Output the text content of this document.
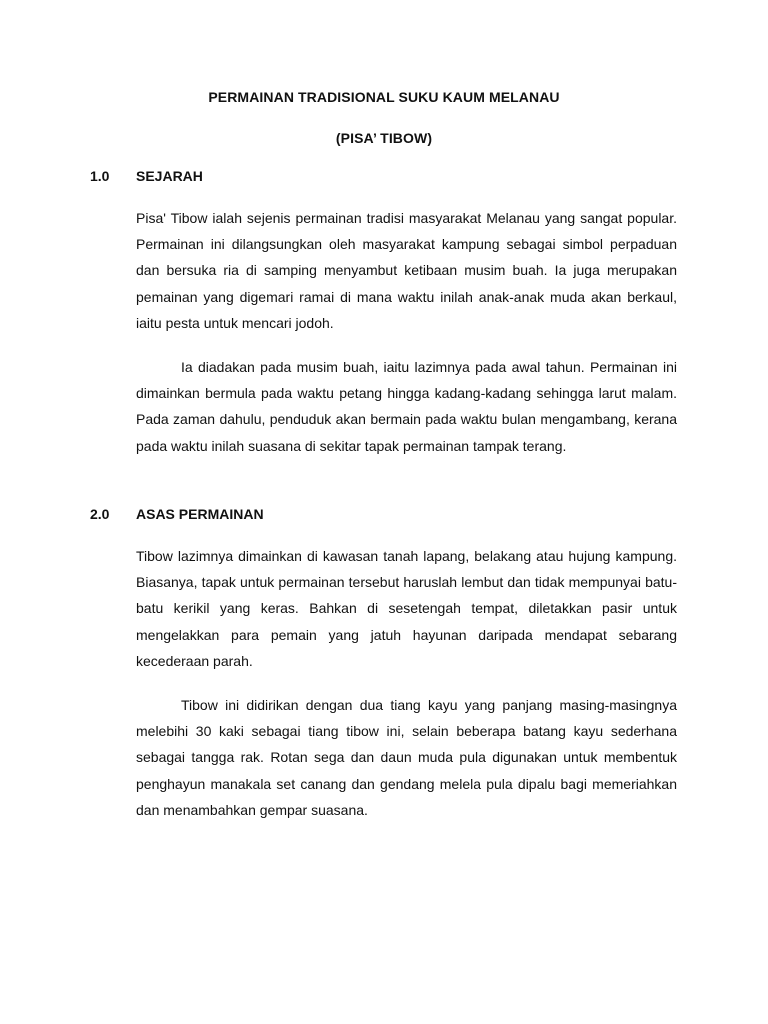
PERMAINAN TRADISIONAL SUKU KAUM MELANAU
(PISA’ TIBOW)
1.0 SEJARAH

Pisa' Tibow ialah sejenis permainan tradisi masyarakat Melanau yang sangat popular. Permainan ini dilangsungkan oleh masyarakat kampung sebagai simbol perpaduan dan bersuka ria di samping menyambut ketibaan musim buah. Ia juga merupakan pemainan yang digemari ramai di mana waktu inilah anak-anak muda akan berkaul, iaitu pesta untuk mencari jodoh.

Ia diadakan pada musim buah, iaitu lazimnya pada awal tahun. Permainan ini dimainkan bermula pada waktu petang hingga kadang-kadang sehingga larut malam. Pada zaman dahulu, penduduk akan bermain pada waktu bulan mengambang, kerana pada waktu inilah suasana di sekitar tapak permainan tampak terang.

2.0 ASAS PERMAINAN

Tibow lazimnya dimainkan di kawasan tanah lapang, belakang atau hujung kampung. Biasanya, tapak untuk permainan tersebut haruslah lembut dan tidak mempunyai batu-batu kerikil yang keras. Bahkan di sesetengah tempat, diletakkan pasir untuk mengelakkan para pemain yang jatuh hayunan daripada mendapat sebarang kecederaan parah.

Tibow ini didirikan dengan dua tiang kayu yang panjang masing-masingnya melebihi 30 kaki sebagai tiang tibow ini, selain beberapa batang kayu sederhana sebagai tangga rak. Rotan sega dan daun muda pula digunakan untuk membentuk penghayun manakala set canang dan gendang melela pula dipalu bagi memeriahkan dan menambahkan gempar suasana.
